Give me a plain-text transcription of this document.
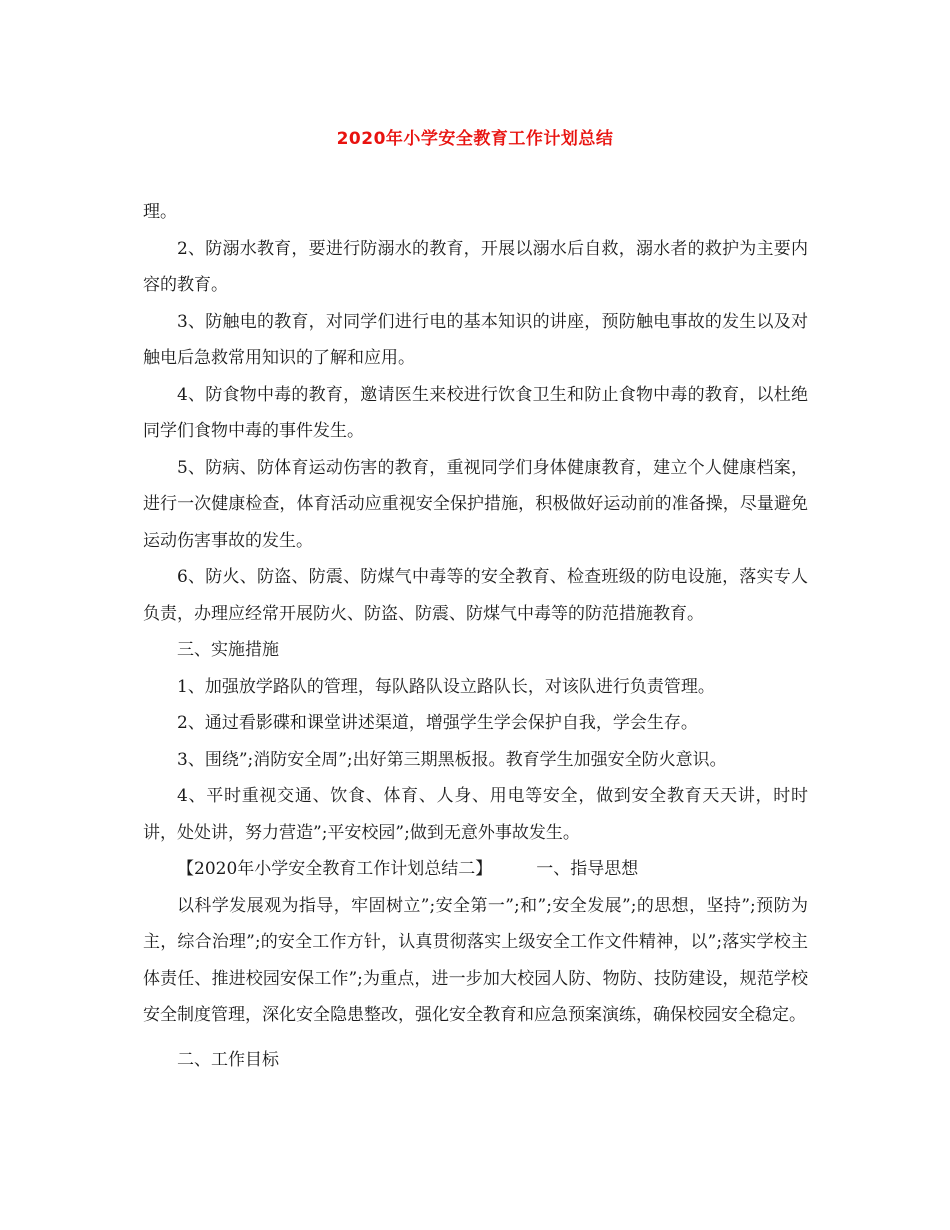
2020年小学安全教育工作计划总结

理。

2、防溺水教育，要进行防溺水的教育，开展以溺水后自救，溺水者的救护为主要内容的教育。

3、防触电的教育，对同学们进行电的基本知识的讲座，预防触电事故的发生以及对触电后急救常用知识的了解和应用。

4、防食物中毒的教育，邀请医生来校进行饮食卫生和防止食物中毒的教育，以杜绝同学们食物中毒的事件发生。

5、防病、防体育运动伤害的教育，重视同学们身体健康教育，建立个人健康档案，进行一次健康检查，体育活动应重视安全保护措施，积极做好运动前的准备操，尽量避免运动伤害事故的发生。

6、防火、防盗、防震、防煤气中毒等的安全教育、检查班级的防电设施，落实专人负责，办理应经常开展防火、防盗、防震、防煤气中毒等的防范措施教育。

三、实施措施

1、加强放学路队的管理，每队路队设立路队长，对该队进行负责管理。

2、通过看影碟和课堂讲述渠道，增强学生学会保护自我，学会生存。

3、围绕”;消防安全周”;出好第三期黑板报。教育学生加强安全防火意识。

4、平时重视交通、饮食、体育、人身、用电等安全，做到安全教育天天讲，时时讲，处处讲，努力营造”;平安校园”;做到无意外事故发生。

【2020年小学安全教育工作计划总结二】	一、指导思想

以科学发展观为指导，牢固树立”;安全第一”;和”;安全发展”;的思想，坚持”;预防为主，综合治理”;的安全工作方针，认真贯彻落实上级安全工作文件精神，以”;落实学校主体责任、推进校园安保工作”;为重点，进一步加大校园人防、物防、技防建设，规范学校安全制度管理，深化安全隐患整改，强化安全教育和应急预案演练，确保校园安全稳定。

二、工作目标
